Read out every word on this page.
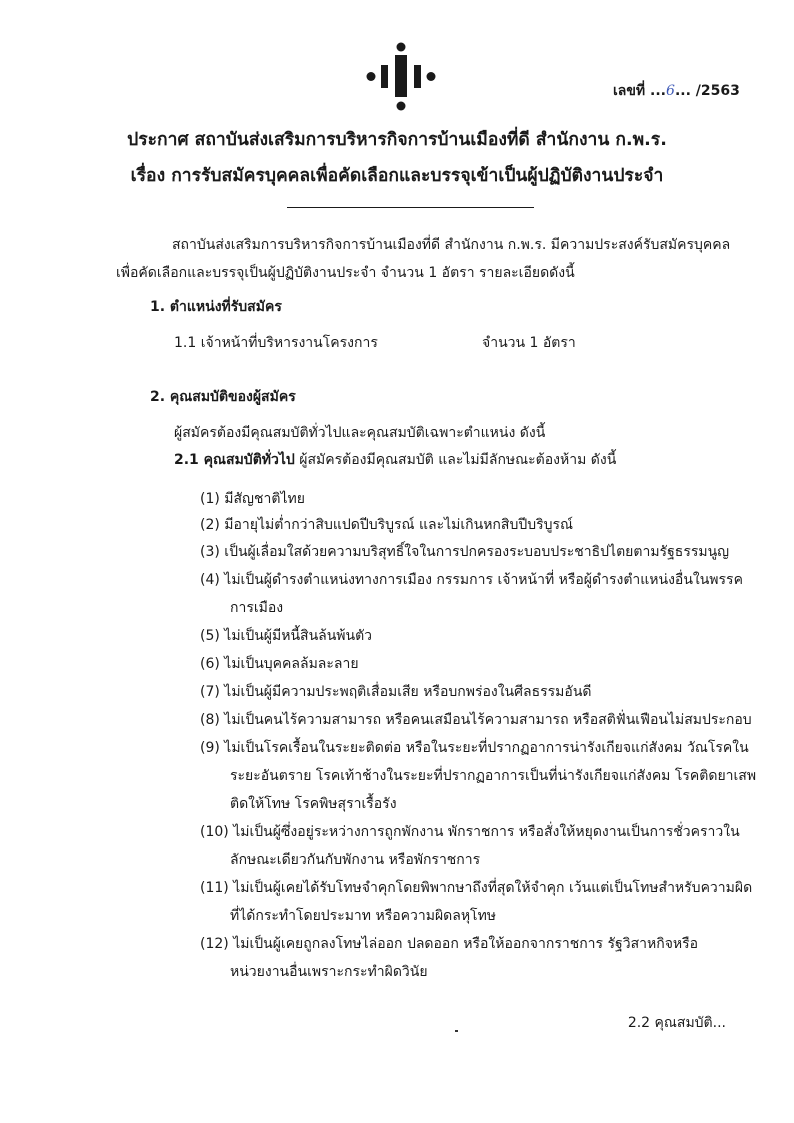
เลขที่ ...6... /2563
ประกาศ สถาบันส่งเสริมการบริหารกิจการบ้านเมืองที่ดี สำนักงาน ก.พ.ร.
เรื่อง การรับสมัครบุคคลเพื่อคัดเลือกและบรรจุเข้าเป็นผู้ปฏิบัติงานประจำ
สถาบันส่งเสริมการบริหารกิจการบ้านเมืองที่ดี สำนักงาน ก.พ.ร. มีความประสงค์รับสมัครบุคคล
เพื่อคัดเลือกและบรรจุเป็นผู้ปฏิบัติงานประจำ จำนวน 1 อัตรา รายละเอียดดังนี้
1. ตำแหน่งที่รับสมัคร
1.1 เจ้าหน้าที่บริหารงานโครงการ	จำนวน 1 อัตรา
2. คุณสมบัติของผู้สมัคร
ผู้สมัครต้องมีคุณสมบัติทั่วไปและคุณสมบัติเฉพาะตำแหน่ง ดังนี้
2.1 คุณสมบัติทั่วไป ผู้สมัครต้องมีคุณสมบัติ และไม่มีลักษณะต้องห้าม ดังนี้
(1) มีสัญชาติไทย
(2) มีอายุไม่ต่ำกว่าสิบแปดปีบริบูรณ์ และไม่เกินหกสิบปีบริบูรณ์
(3) เป็นผู้เลื่อมใสด้วยความบริสุทธิ์ใจในการปกครองระบอบประชาธิปไตยตามรัฐธรรมนูญ
(4) ไม่เป็นผู้ดำรงตำแหน่งทางการเมือง กรรมการ เจ้าหน้าที่ หรือผู้ดำรงตำแหน่งอื่นในพรรค
การเมือง
(5) ไม่เป็นผู้มีหนี้สินล้นพ้นตัว
(6) ไม่เป็นบุคคลล้มละลาย
(7) ไม่เป็นผู้มีความประพฤติเสื่อมเสีย หรือบกพร่องในศีลธรรมอันดี
(8) ไม่เป็นคนไร้ความสามารถ หรือคนเสมือนไร้ความสามารถ หรือสติฟั่นเฟือนไม่สมประกอบ
(9) ไม่เป็นโรคเรื้อนในระยะติดต่อ หรือในระยะที่ปรากฏอาการน่ารังเกียจแก่สังคม วัณโรคใน
ระยะอันตราย โรคเท้าช้างในระยะที่ปรากฏอาการเป็นที่น่ารังเกียจแก่สังคม โรคติดยาเสพ
ติดให้โทษ โรคพิษสุราเรื้อรัง
(10) ไม่เป็นผู้ซึ่งอยู่ระหว่างการถูกพักงาน พักราชการ หรือสั่งให้หยุดงานเป็นการชั่วคราวใน
ลักษณะเดียวกันกับพักงาน หรือพักราชการ
(11) ไม่เป็นผู้เคยได้รับโทษจำคุกโดยพิพากษาถึงที่สุดให้จำคุก เว้นแต่เป็นโทษสำหรับความผิด
ที่ได้กระทำโดยประมาท หรือความผิดลหุโทษ
(12) ไม่เป็นผู้เคยถูกลงโทษไล่ออก ปลดออก หรือให้ออกจากราชการ รัฐวิสาหกิจหรือ
หน่วยงานอื่นเพราะกระทำผิดวินัย
2.2 คุณสมบัติ...
